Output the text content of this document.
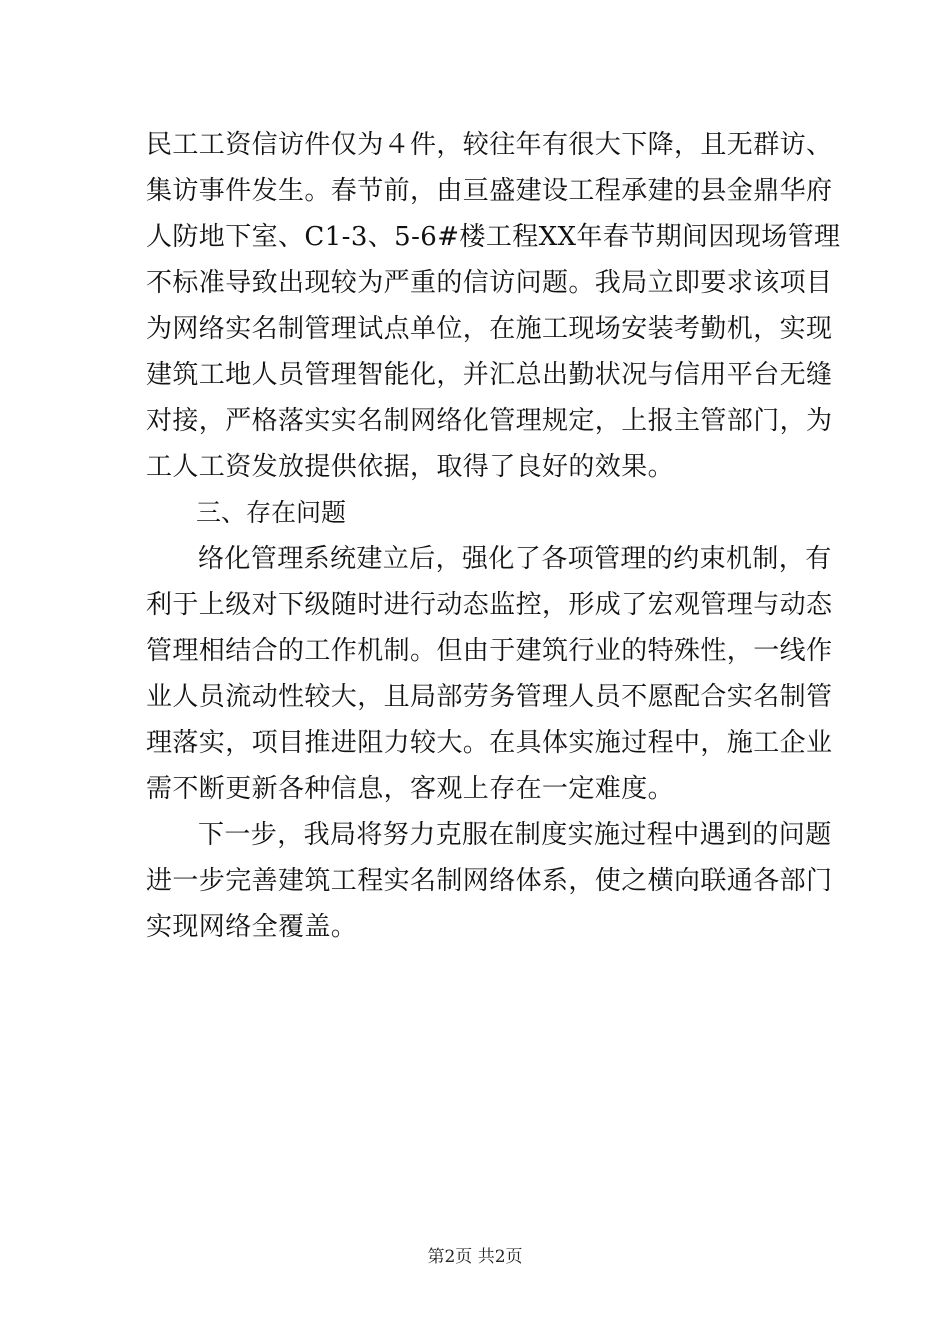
民工工资信访件仅为４件，较往年有很大下降，且无群访、
集访事件发生。春节前，由亘盛建设工程承建的县金鼎华府
人防地下室、C1-3、5-6#楼工程XX年春节期间因现场管理
不标准导致出现较为严重的信访问题。我局立即要求该项目
为网络实名制管理试点单位，在施工现场安装考勤机，实现
建筑工地人员管理智能化，并汇总出勤状况与信用平台无缝
对接，严格落实实名制网络化管理规定，上报主管部门，为
工人工资发放提供依据，取得了良好的效果。
三、存在问题
络化管理系统建立后，强化了各项管理的约束机制，有
利于上级对下级随时进行动态监控，形成了宏观管理与动态
管理相结合的工作机制。但由于建筑行业的特殊性，一线作
业人员流动性较大，且局部劳务管理人员不愿配合实名制管
理落实，项目推进阻力较大。在具体实施过程中，施工企业
需不断更新各种信息，客观上存在一定难度。
下一步，我局将努力克服在制度实施过程中遇到的问题
进一步完善建筑工程实名制网络体系，使之横向联通各部门
实现网络全覆盖。
第2页 共2页
